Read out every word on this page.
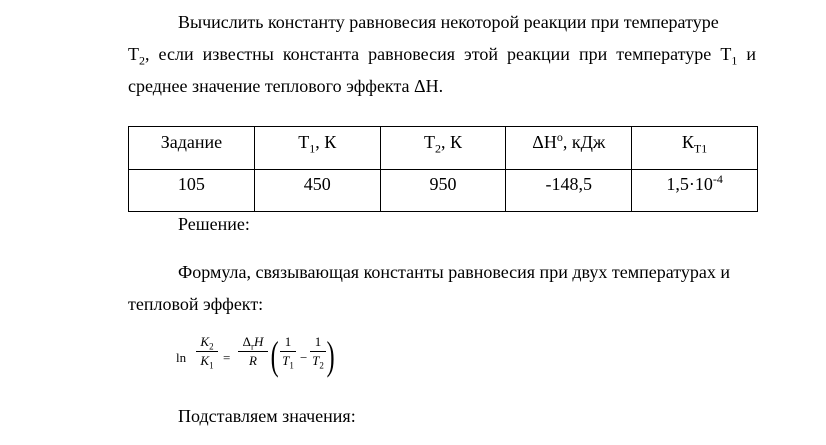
Вычислить константу равновесия некоторой реакции при температуре
$Т_2$, если известны константа равновесия этой реакции при температуре $Т_1$ и
среднее значение теплового эффекта ΔН.

Задание	$Т_1$, К	$Т_2$, К	$\Delta Н^о$, кДж	$К_{Т1}$
105	450	950	-148,5	$1,5\cdot 10^{-4}$

Решение:

Формула, связывающая константы равновесия при двух температурах и
тепловой эффект:

ln
$K_2$
$K_1$
=
$\Delta_rH$
R ( 1
$T_1$
−
1
$T_2$ )

Подставляем значения:
